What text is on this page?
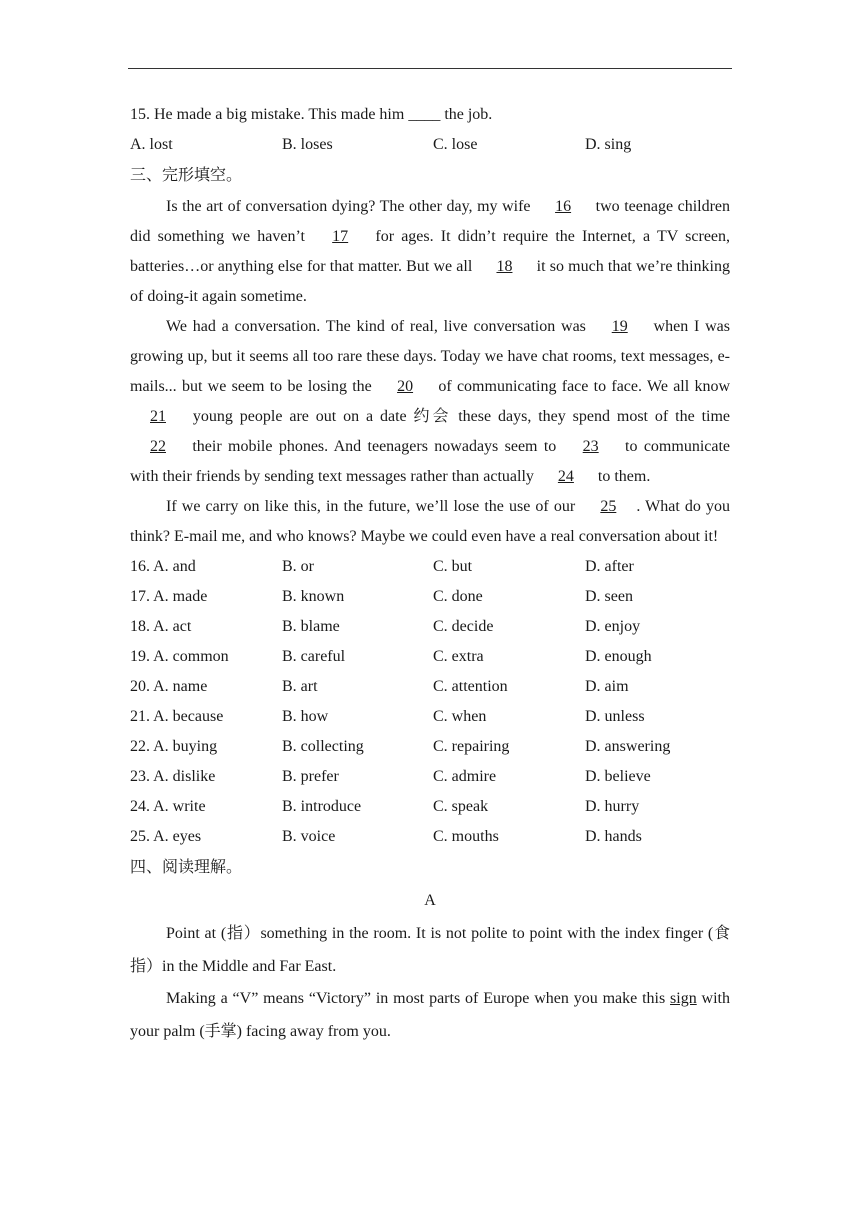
15. He made a big mistake. This made him ____ the job.
A. lost	B. loses	C. lose	D. sing
三、完形填空。

Is the art of conversation dying? The other day, my wife 16 two teenage children did something we haven’t 17 for ages. It didn’t require the Internet, a TV screen, batteries…or anything else for that matter. But we all 18 it so much that we’re thinking of doing-it again sometime.

We had a conversation. The kind of real, live conversation was 19 when I was growing up, but it seems all too rare these days. Today we have chat rooms, text messages, e-mails... but we seem to be losing the 20 of communicating face to face. We all know 21 young people are out on a date 约会 these days, they spend most of the time 22 their mobile phones. And teenagers nowadays seem to 23 to communicate with their friends by sending text messages rather than actually 24 to them.

If we carry on like this, in the future, we’ll lose the use of our 25 . What do you think? E-mail me, and who knows? Maybe we could even have a real conversation about it!

16. A. and	B. or	C. but	D. after
17. A. made	B. known	C. done	D. seen
18. A. act	B. blame	C. decide	D. enjoy
19. A. common	B. careful	C. extra	D. enough
20. A. name	B. art	C. attention	D. aim
21. A. because	B. how	C. when	D. unless
22. A. buying	B. collecting	C. repairing	D. answering
23. A. dislike	B. prefer	C. admire	D. believe
24. A. write	B. introduce	C. speak	D. hurry
25. A. eyes	B. voice	C. mouths	D. hands
四、阅读理解。
A

Point at (指）something in the room. It is not polite to point with the index finger (食指）in the Middle and Far East.

Making a “V” means “Victory” in most parts of Europe when you make this sign with your palm (手掌) facing away from you.
